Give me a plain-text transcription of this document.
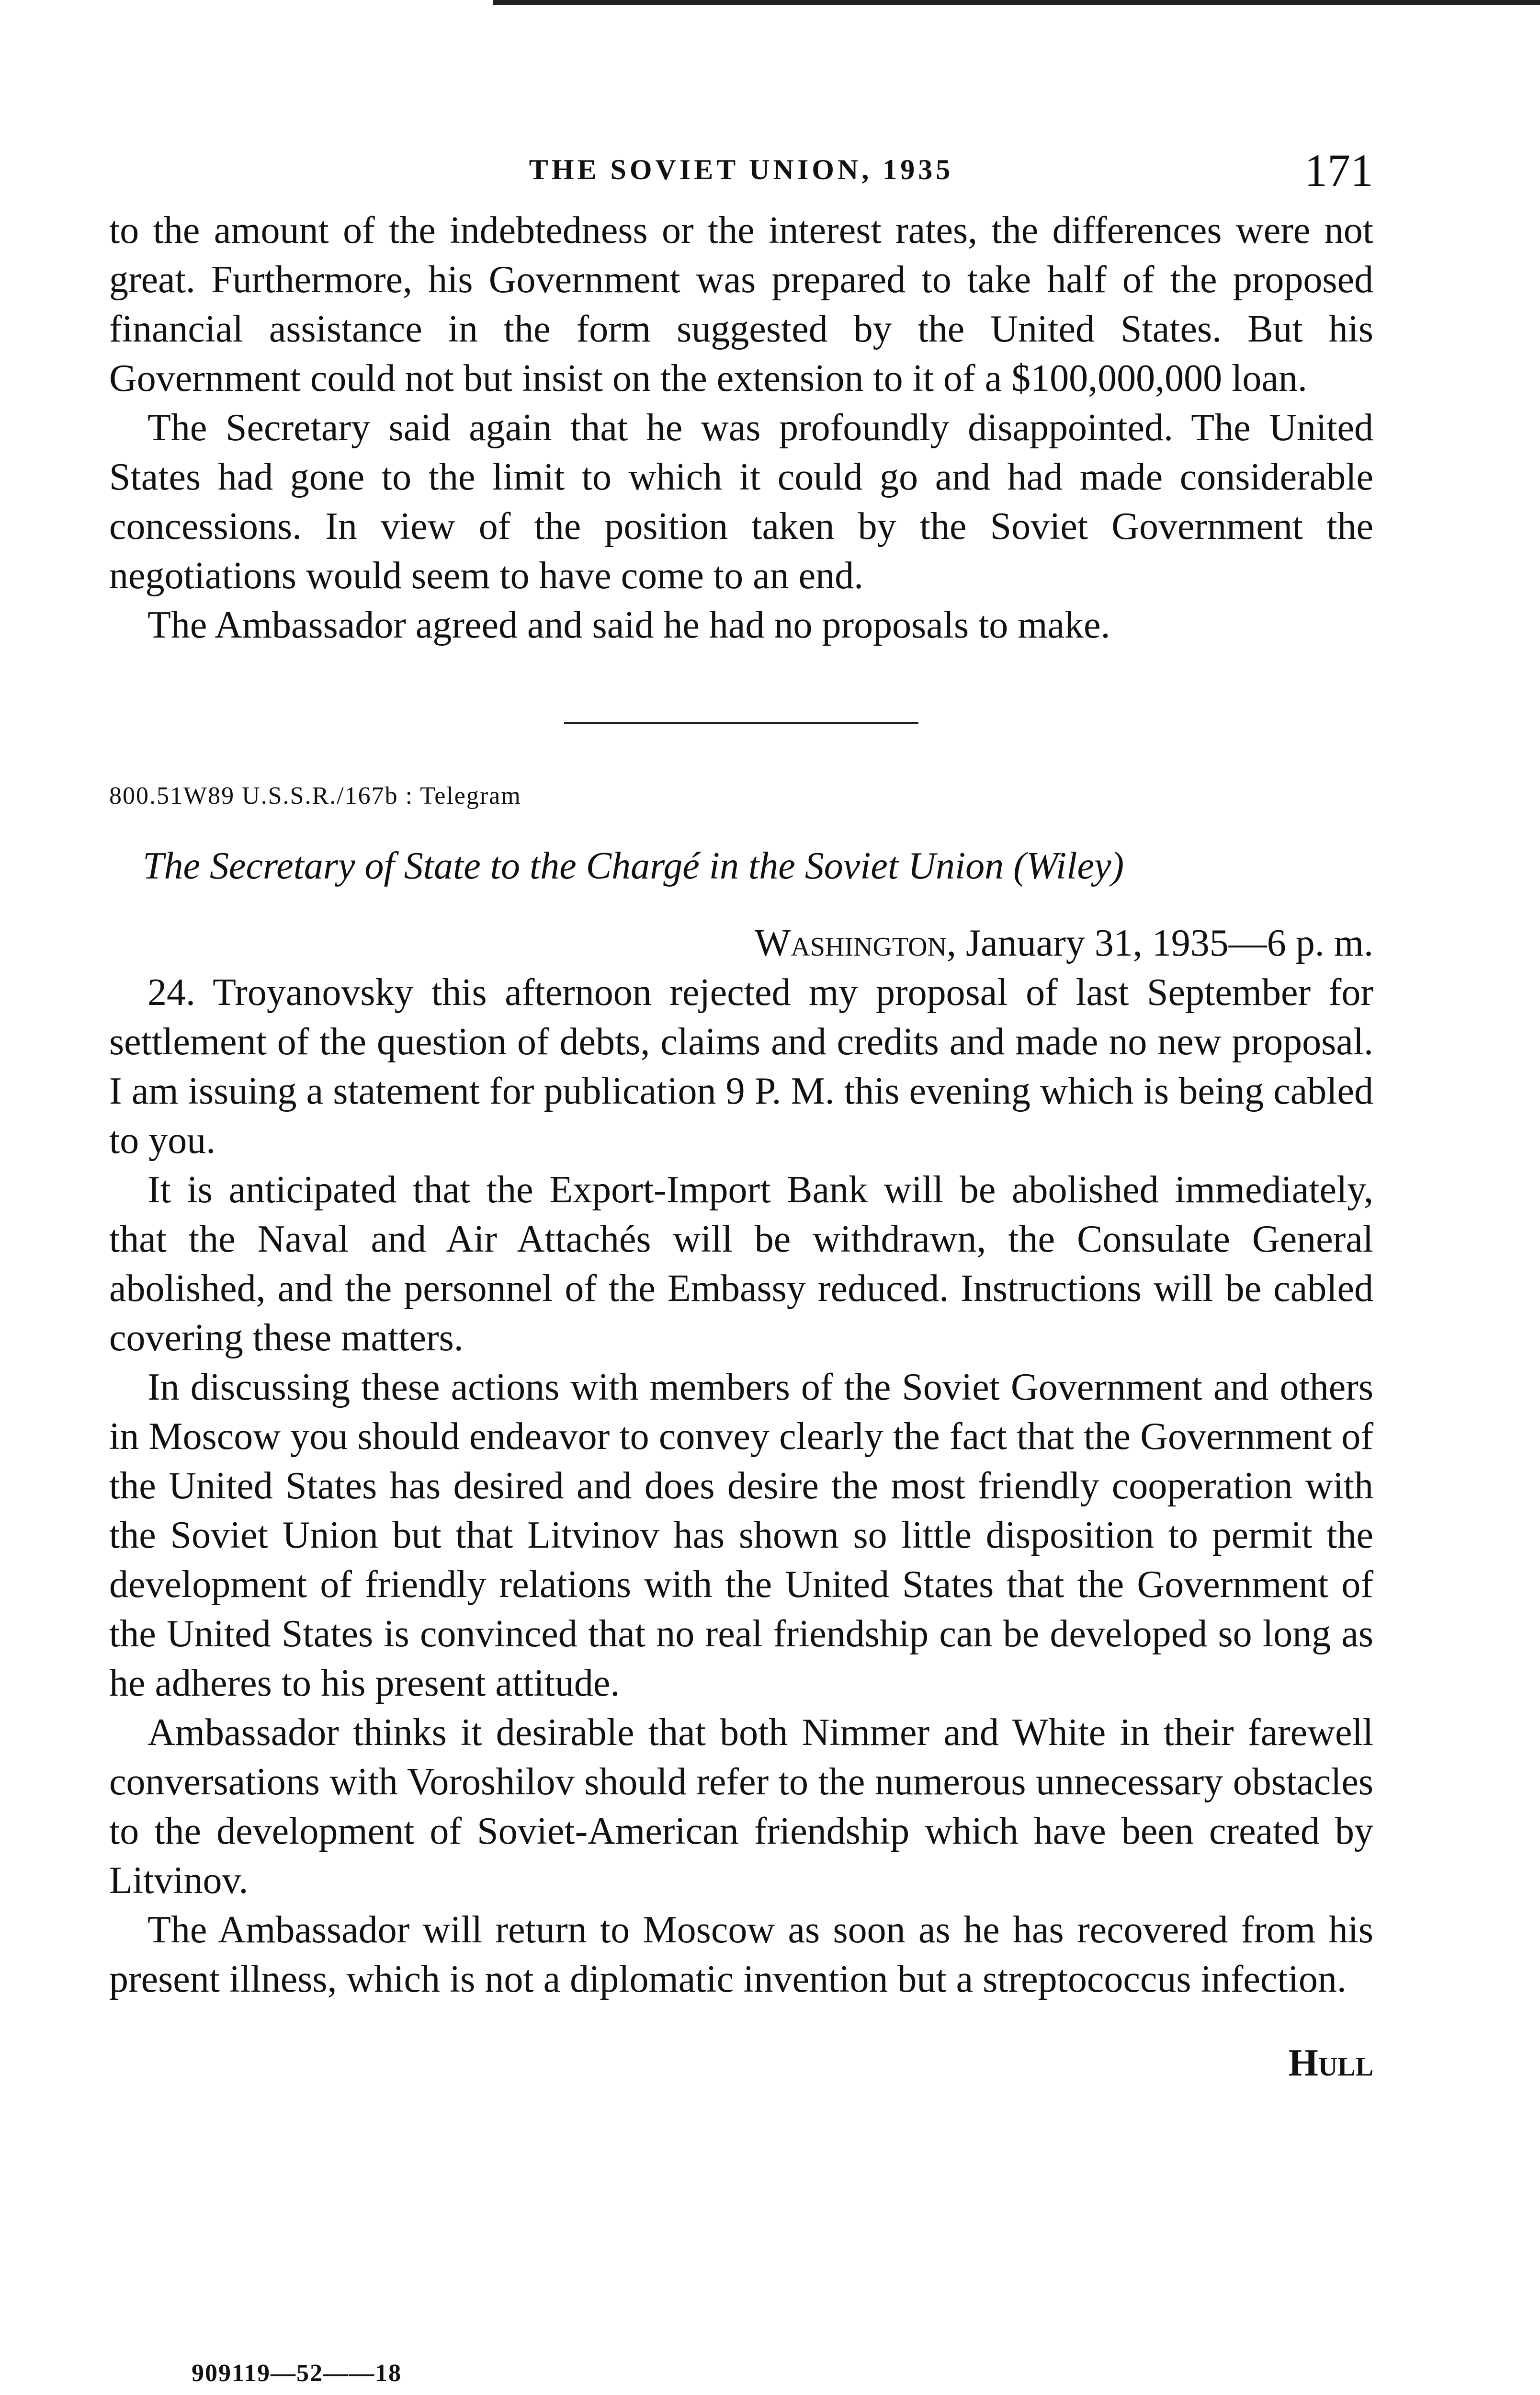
THE SOVIET UNION, 1935	171

to the amount of the indebtedness or the interest rates, the differences were not great. Furthermore, his Government was prepared to take half of the proposed financial assistance in the form suggested by the United States. But his Government could not but insist on the extension to it of a $100,000,000 loan.

The Secretary said again that he was profoundly disappointed. The United States had gone to the limit to which it could go and had made considerable concessions. In view of the position taken by the Soviet Government the negotiations would seem to have come to an end.

The Ambassador agreed and said he had no proposals to make.

800.51W89 U.S.S.R./167b : Telegram
The Secretary of State to the Chargé in the Soviet Union (Wiley)
Washington, January 31, 1935—6 p. m.

24. Troyanovsky this afternoon rejected my proposal of last September for settlement of the question of debts, claims and credits and made no new proposal. I am issuing a statement for publication 9 P. M. this evening which is being cabled to you.

It is anticipated that the Export-Import Bank will be abolished immediately, that the Naval and Air Attachés will be withdrawn, the Consulate General abolished, and the personnel of the Embassy reduced. Instructions will be cabled covering these matters.

In discussing these actions with members of the Soviet Government and others in Moscow you should endeavor to convey clearly the fact that the Government of the United States has desired and does desire the most friendly cooperation with the Soviet Union but that Litvinov has shown so little disposition to permit the development of friendly relations with the United States that the Government of the United States is convinced that no real friendship can be developed so long as he adheres to his present attitude.

Ambassador thinks it desirable that both Nimmer and White in their farewell conversations with Voroshilov should refer to the numerous unnecessary obstacles to the development of Soviet-American friendship which have been created by Litvinov.

The Ambassador will return to Moscow as soon as he has recovered from his present illness, which is not a diplomatic invention but a streptococcus infection.

Hull
909119—52——18
